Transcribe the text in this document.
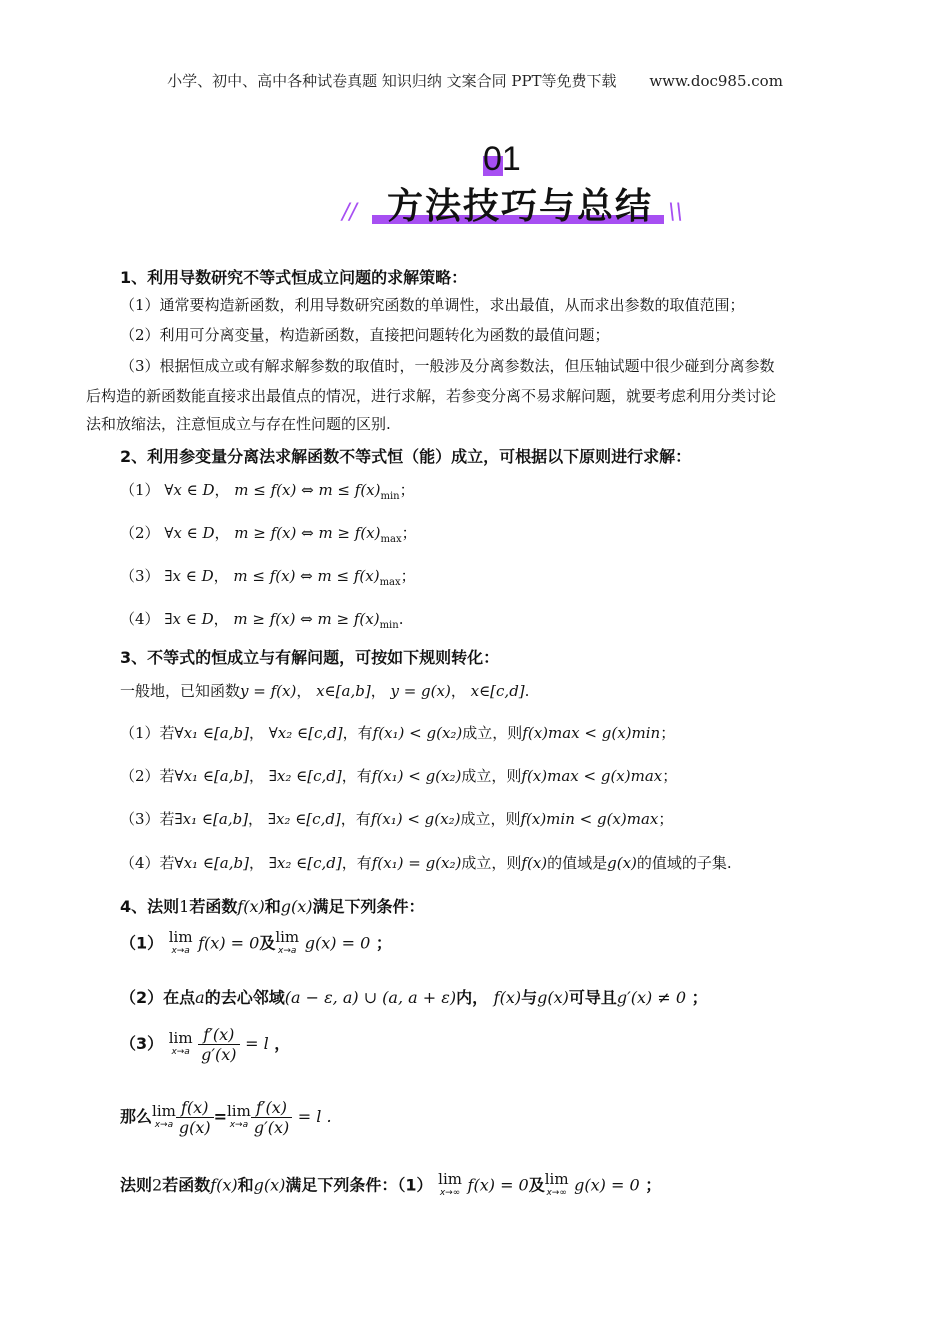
小学、初中、高中各种试卷真题 知识归纳 文案合同 PPT等免费下载 www.doc985.com
01
方法技巧与总结
//	\\
1、利用导数研究不等式恒成立问题的求解策略：
（1）通常要构造新函数，利用导数研究函数的单调性，求出最值，从而求出参数的取值范围；
（2）利用可分离变量，构造新函数，直接把问题转化为函数的最值问题；
（3）根据恒成立或有解求解参数的取值时，一般涉及分离参数法，但压轴试题中很少碰到分离参数
后构造的新函数能直接求出最值点的情况，进行求解，若参变分离不易求解问题，就要考虑利用分类讨论
法和放缩法，注意恒成立与存在性问题的区别.
2、利用参变量分离法求解函数不等式恒（能）成立，可根据以下原则进行求解：
（1） ∀x ∈ D， m ≤ f(x) ⇔ $m \le f(x)_{min}$；
（2） ∀x ∈ D， m ≥ f(x) ⇔ $m \ge f(x)_{max}$；
（3） ∃x ∈ D， m ≤ f(x) ⇔ $m \le f(x)_{max}$；
（4） ∃x ∈ D， m ≥ f(x) ⇔ $m \ge f(x)_{min}$.
3、不等式的恒成立与有解问题，可按如下规则转化：
一般地，已知函数y = f(x)， x∈[a,b]， y = g(x)， x∈[c,d].
（1）若∀x₁ ∈[a,b]， ∀x₂ ∈[c,d]，有f(x₁) < g(x₂)成立，则f(x)max < g(x)min；
（2）若∀x₁ ∈[a,b]， ∃x₂ ∈[c,d]，有f(x₁) < g(x₂)成立，则f(x)max < g(x)max；
（3）若∃x₁ ∈[a,b]， ∃x₂ ∈[c,d]，有f(x₁) < g(x₂)成立，则f(x)min < g(x)max；
（4）若∀x₁ ∈[a,b]， ∃x₂ ∈[c,d]，有f(x₁) = g(x₂)成立，则f(x)的值域是g(x)的值域的子集.
4、法则1若函数f(x)和g(x)满足下列条件：
（1） lim
x→a f(x) = 0及 lim
x→a g(x) = 0 ；
（2）在点a的去心邻域(a − ε, a) ∪ (a, a + ε)内， f(x)与g(x)可导且g′(x) ≠ 0 ；
（3） lim
x→a
$\frac{f'(x)}{g'(x)} = l$ ，
那么 lim
$x\to a \frac{f(x)}{g(x)} = \lim$
$x\to a \frac{f'(x)}{g'(x)} = l$ .
法则2若函数f(x)和g(x)满足下列条件：（1） lim
x→∞ f(x) = 0及 lim
x→∞ g(x) = 0 ；
